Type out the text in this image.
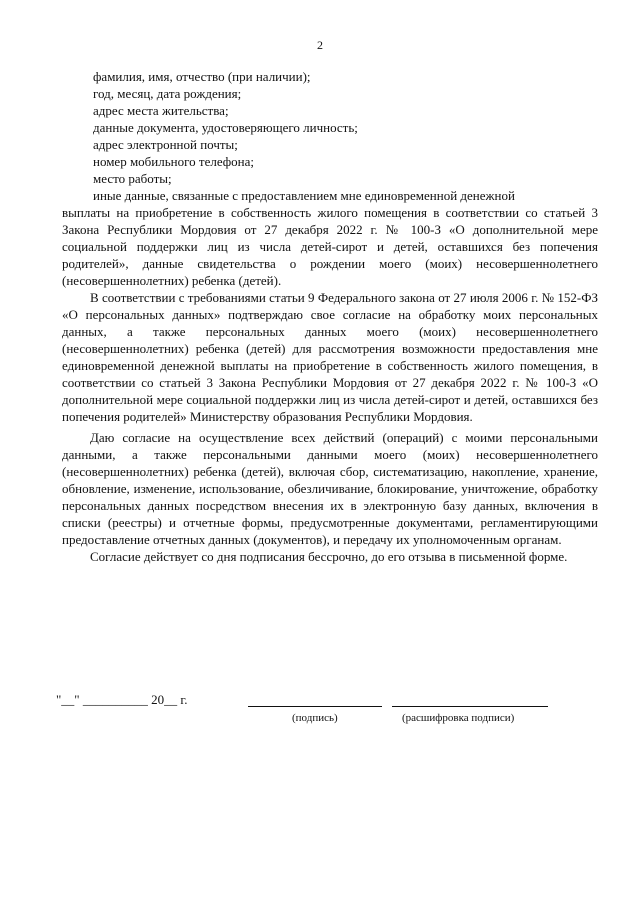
2
фамилия, имя, отчество (при наличии);
год, месяц, дата рождения;
адрес места жительства;
данные документа, удостоверяющего личность;
адрес электронной почты;
номер мобильного телефона;
место работы;

иные данные, связанные с предоставлением мне единовременной денежной

выплаты на приобретение в собственность жилого помещения в соответствии со статьей 3 Закона Республики Мордовия от 27 декабря 2022 г. № 100-З «О дополнительной мере социальной поддержки лиц из числа детей-сирот и детей, оставшихся без попечения родителей», данные свидетельства о рождении моего (моих) несовершеннолетнего (несовершеннолетних) ребенка (детей).

В соответствии с требованиями статьи 9 Федерального закона от 27 июля 2006 г. № 152-ФЗ «О персональных данных» подтверждаю свое согласие на обработку моих персональных данных, а также персональных данных моего (моих) несовершеннолетнего (несовершеннолетних) ребенка (детей) для рассмотрения возможности предоставления мне единовременной денежной выплаты на приобретение в собственность жилого помещения, в соответствии со статьей 3 Закона Республики Мордовия от 27 декабря 2022 г. № 100-З «О дополнительной мере социальной поддержки лиц из числа детей-сирот и детей, оставшихся без попечения родителей» Министерству образования Республики Мордовия.

Даю согласие на осуществление всех действий (операций) с моими персональными данными, а также персональными данными моего (моих) несовершеннолетнего (несовершеннолетних) ребенка (детей), включая сбор, систематизацию, накопление, хранение, обновление, изменение, использование, обезличивание, блокирование, уничтожение, обработку персональных данных посредством внесения их в электронную базу данных, включения в списки (реестры) и отчетные формы, предусмотренные документами, регламентирующими предоставление отчетных данных (документов), и передачу их уполномоченным органам.

Согласие действует со дня подписания бессрочно, до его отзыва в письменной форме.

"__" __________ 20__ г.
(подпись)	(расшифровка подписи)
